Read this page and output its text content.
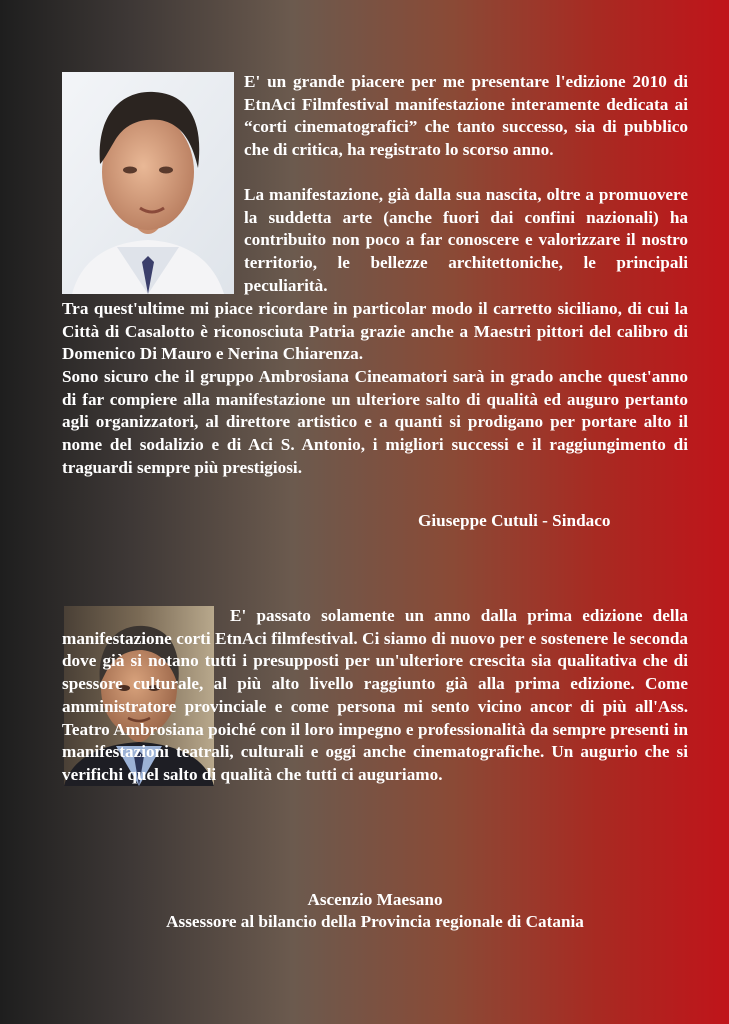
E' un grande piacere per me presentare l'edizione 2010 di EtnAci Filmfestival manifestazione interamente dedicata ai “corti cinematografici” che tanto successo, sia di pubblico che di critica, ha registrato lo scorso anno.

La manifestazione, già dalla sua nascita, oltre a promuovere la suddetta arte (anche fuori dai confini nazionali) ha contribuito non poco a far conoscere e valorizzare il nostro territorio, le bellezze architettoniche, le principali peculiarità.

Tra quest'ultime mi piace ricordare in particolar modo il carretto siciliano, di cui la Città di Casalotto è riconosciuta Patria grazie anche a Maestri pittori del calibro di Domenico Di Mauro e Nerina Chiarenza.

Sono sicuro che il gruppo Ambrosiana Cineamatori sarà in grado anche quest'anno di far compiere alla manifestazione un ulteriore salto di qualità ed auguro pertanto agli organizzatori, al direttore artistico e a quanti si prodigano per portare alto il nome del sodalizio e di Aci S. Antonio, i migliori successi e il raggiungimento di traguardi sempre più prestigiosi.

Giuseppe Cutuli - Sindaco

E' passato solamente un anno dalla prima edizione della manifestazione corti EtnAci filmfestival. Ci siamo di nuovo per e sostenere le seconda dove già si notano tutti i presupposti per un'ulteriore crescita sia qualitativa che di spessore culturale, al più alto livello raggiunto già alla prima edizione. Come amministratore provinciale e come persona mi sento vicino ancor di più all'Ass. Teatro Ambrosiana poiché con il loro impegno e professionalità da sempre presenti in manifestazioni teatrali, culturali e oggi anche cinematografiche. Un augurio che si verifichi quel salto di qualità che tutti ci auguriamo.

Ascenzio Maesano

Assessore al bilancio della Provincia regionale di Catania
